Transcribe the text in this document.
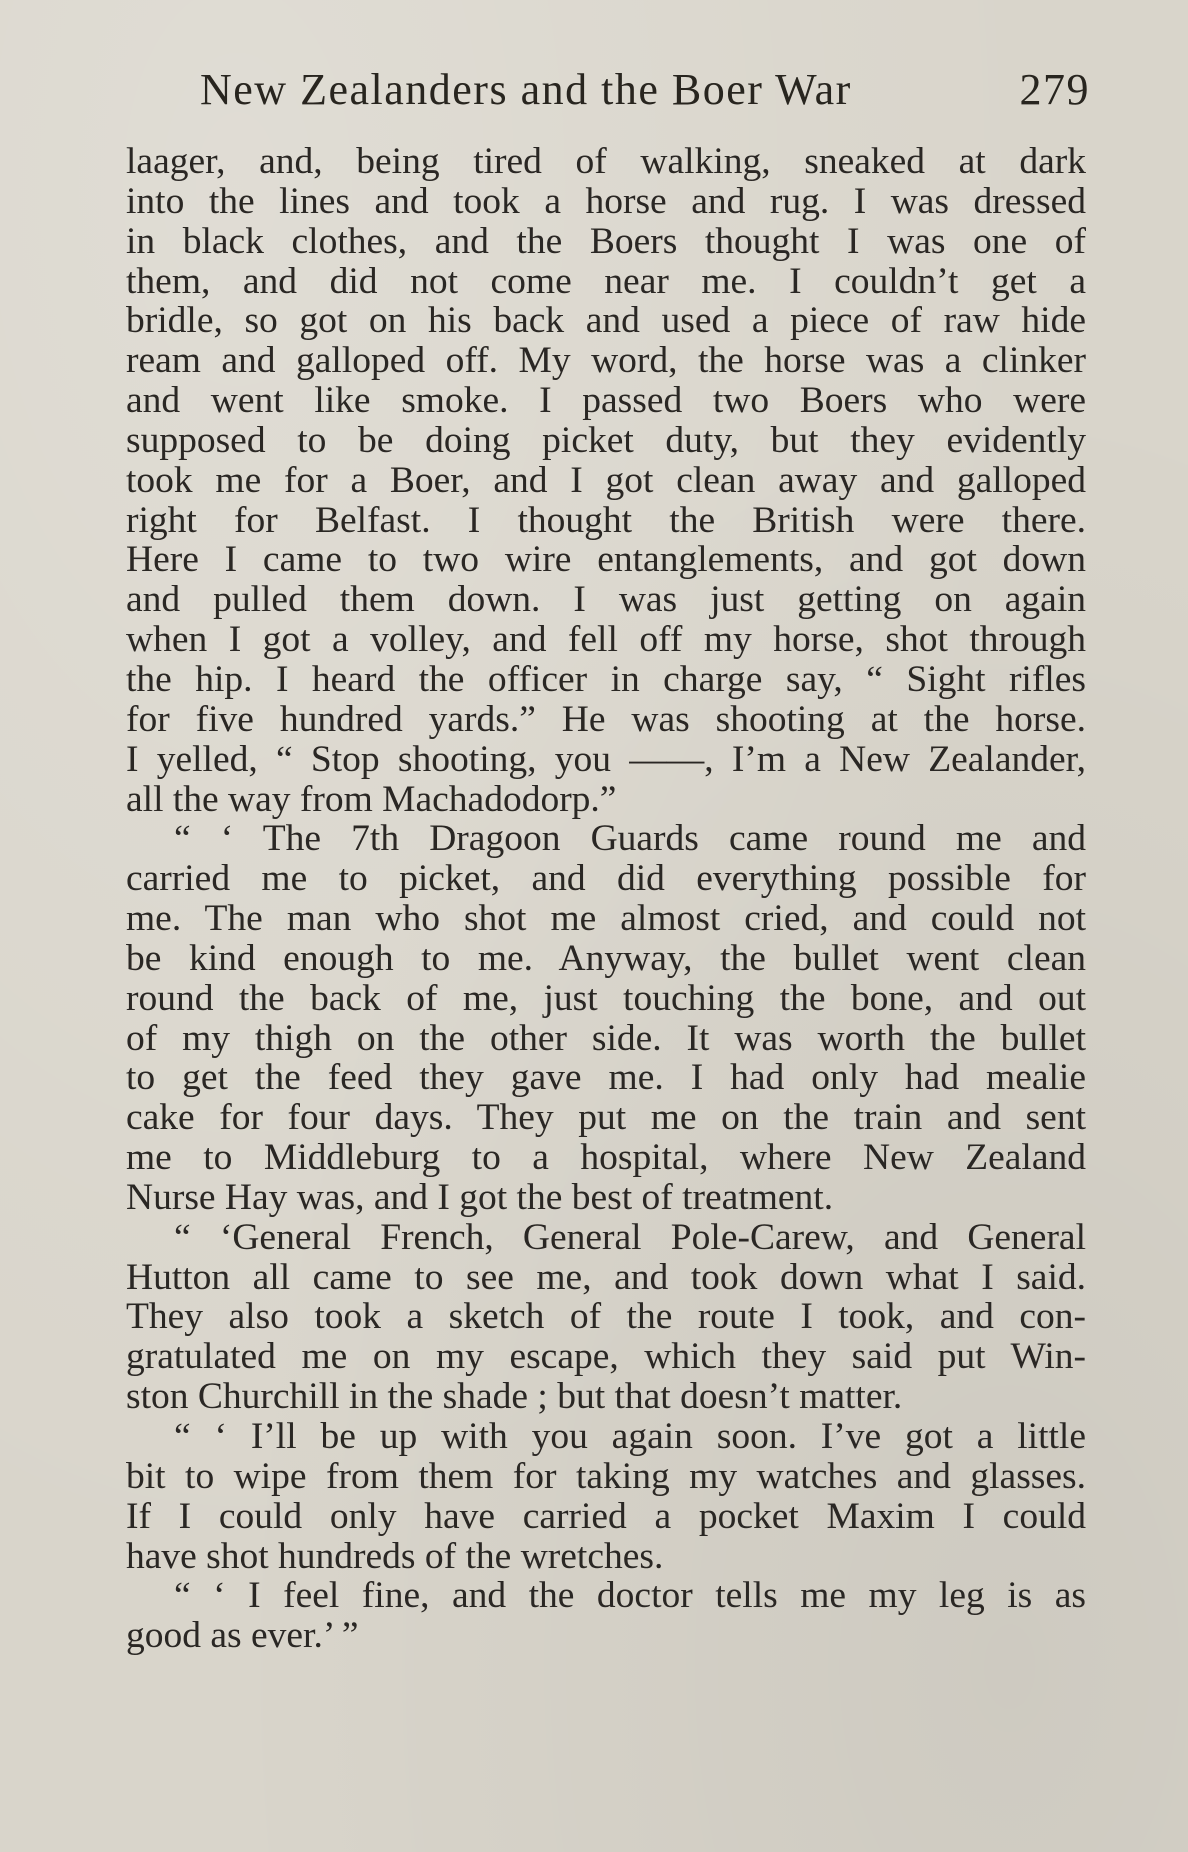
New Zealanders and the Boer War	279
laager, and, being tired of walking, sneaked at dark
into the lines and took a horse and rug. I was dressed
in black clothes, and the Boers thought I was one of
them, and did not come near me. I couldn’t get a
bridle, so got on his back and used a piece of raw hide
ream and galloped off. My word, the horse was a clinker
and went like smoke. I passed two Boers who were
supposed to be doing picket duty, but they evidently
took me for a Boer, and I got clean away and galloped
right for Belfast. I thought the British were there.
Here I came to two wire entanglements, and got down
and pulled them down. I was just getting on again
when I got a volley, and fell off my horse, shot through
the hip. I heard the officer in charge say, “ Sight rifles
for five hundred yards.” He was shooting at the horse.
I yelled, “ Stop shooting, you ——, I’m a New Zealander,
all the way from Machadodorp.”
“ ‘ The 7th Dragoon Guards came round me and
carried me to picket, and did everything possible for
me. The man who shot me almost cried, and could not
be kind enough to me. Anyway, the bullet went clean
round the back of me, just touching the bone, and out
of my thigh on the other side. It was worth the bullet
to get the feed they gave me. I had only had mealie
cake for four days. They put me on the train and sent
me to Middleburg to a hospital, where New Zealand
Nurse Hay was, and I got the best of treatment.
“ ‘General French, General Pole-Carew, and General
Hutton all came to see me, and took down what I said.
They also took a sketch of the route I took, and con-
gratulated me on my escape, which they said put Win-
ston Churchill in the shade ; but that doesn’t matter.
“ ‘ I’ll be up with you again soon. I’ve got a little
bit to wipe from them for taking my watches and glasses.
If I could only have carried a pocket Maxim I could
have shot hundreds of the wretches.
“ ‘ I feel fine, and the doctor tells me my leg is as
good as ever.’ ”
